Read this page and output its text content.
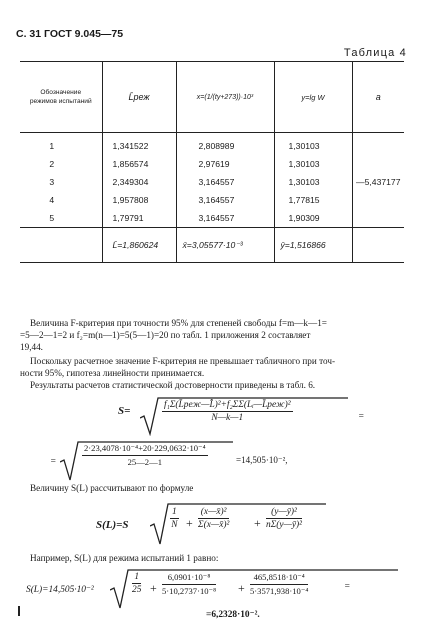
С. 31 ГОСТ 9.045—75
Таблица 4
Обозначение режимов испытаний	L̄реж	x=(1/(ty+273))·10³	y=lg W	a
1	1,341522	2,808989	1,30103	—5,437177
2	1,856574	2,97619	1,30103	
3	2,349304	3,164557	1,30103	
4	1,957808	3,164557	1,77815	
5	1,79791	3,164557	1,90309	
	L̄=1,860624	x̄=3,05577·10⁻³	ȳ=1,516866	
Величина F-критерия при точности 95% для степеней свободы f=m—k—1=
=5—2—1=2 и f₂=m(n—1)=5(5—1)=20 по табл. 1 приложения 2 составляет
19,44.
Поскольку расчетное значение F-критерия не превышает табличного при точ-
ности 95%, гипотеза линейности принимается.
Результаты расчетов статистической достоверности приведены в табл. 6.
S=	$\frac{\text{f₁Σ(L̄реж—L̂)²+f₂ΣΣ(Lᵢ—L̄реж)²}}{N—k—1}$	=
=	$\frac{\text{2·23,4078·10⁻⁴+20·229,0632·10⁻⁴}}{25—2—1}$	=14,505·10⁻²,
Величину S(L) рассчитывают по формуле
S(L)=S	$\frac{1}{N} + \frac{\text{(x—x̄)²}}{\text{Σ(x—x̄)²}} + \frac{\text{(y—ȳ)²}}{\text{nΣ(y—ȳ)²}}$
Например, S(L) для режима испытаний 1 равно:
S(L)=14,505·10⁻²	$\frac{1}{25} + \frac{\text{6,0901·10⁻⁸}}{\text{5·10,2737·10⁻⁸}} + \frac{\text{465,8518·10⁻⁴}}{\text{5·3571,938·10⁻⁴}}$	=
=6,2328·10⁻².
